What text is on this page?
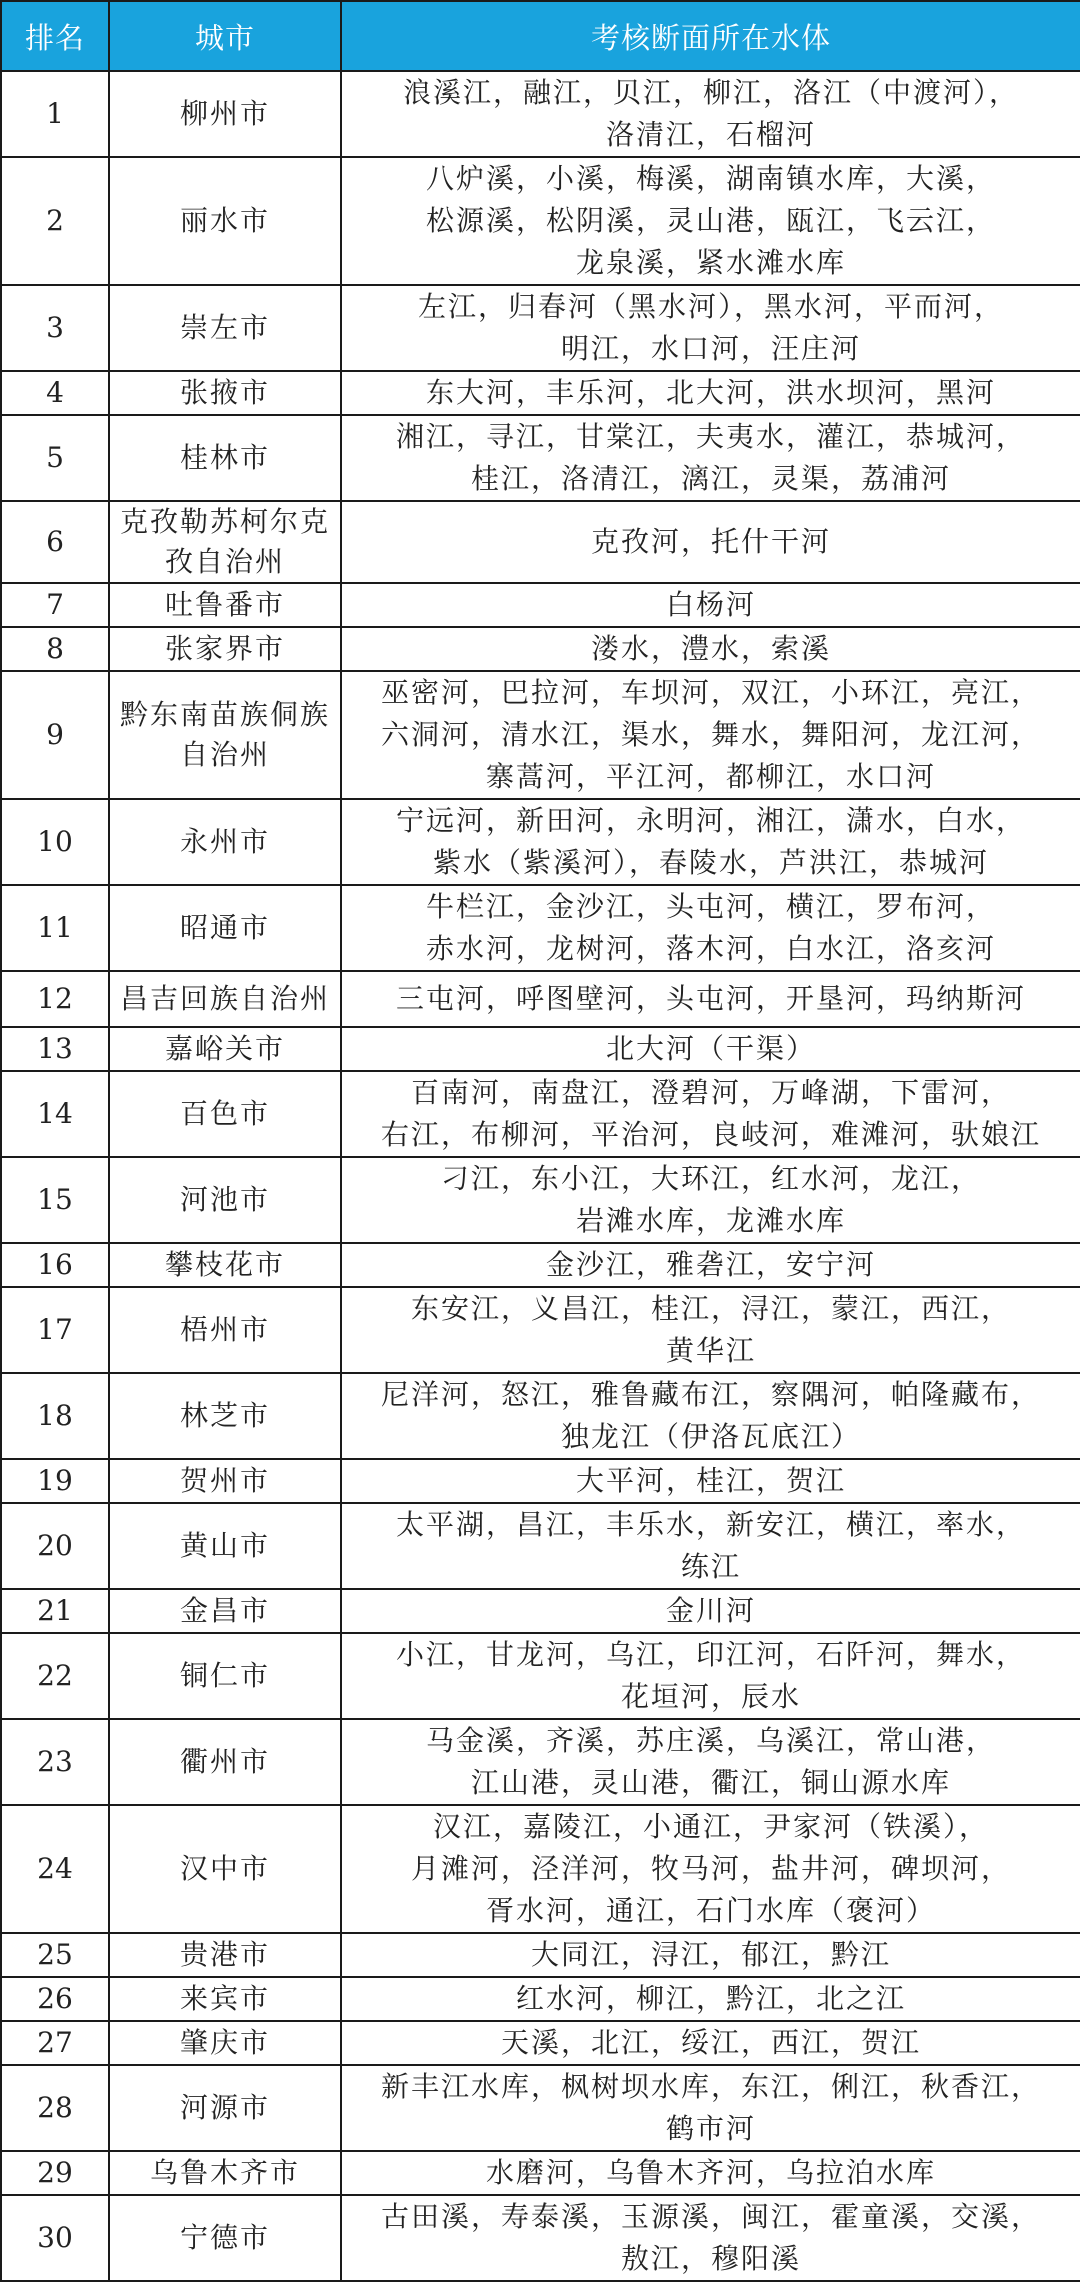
排名	城市	考核断面所在水体
1	柳州市	浪溪江，融江，贝江，柳江，洛江（中渡河），
洛清江，石榴河

2	丽水市	八炉溪，小溪，梅溪，湖南镇水库，大溪，
松源溪，松阴溪，灵山港，瓯江，飞云江，
龙泉溪，紧水滩水库

3	崇左市	左江，归春河（黑水河），黑水河，平而河，
明江，水口河，汪庄河

4	张掖市	东大河，丰乐河，北大河，洪水坝河，黑河

5	桂林市	湘江，寻江，甘棠江，夫夷水，灌江，恭城河，
桂江，洛清江，漓江，灵渠，荔浦河

6	克孜勒苏柯尔克孜自治州	克孜河，托什干河

7	吐鲁番市	白杨河

8	张家界市	溇水，澧水，索溪

9	黔东南苗族侗族自治州	巫密河，巴拉河，车坝河，双江，小环江，亮江，
六洞河，清水江，渠水，舞水，舞阳河，龙江河，
寨蒿河，平江河，都柳江，水口河

10	永州市	宁远河，新田河，永明河，湘江，潇水，白水，
紫水（紫溪河），春陵水，芦洪江，恭城河

11	昭通市	牛栏江，金沙江，头屯河，横江，罗布河，
赤水河，龙树河，落木河，白水江，洛亥河

12	昌吉回族自治州	三屯河，呼图壁河，头屯河，开垦河，玛纳斯河

13	嘉峪关市	北大河（干渠）

14	百色市	百南河，南盘江，澄碧河，万峰湖，下雷河，
右江，布柳河，平治河，良岐河，难滩河，驮娘江

15	河池市	刁江，东小江，大环江，红水河，龙江，
岩滩水库，龙滩水库

16	攀枝花市	金沙江，雅砻江，安宁河

17	梧州市	东安江，义昌江，桂江，浔江，蒙江，西江，
黄华江

18	林芝市	尼洋河，怒江，雅鲁藏布江，察隅河，帕隆藏布，
独龙江（伊洛瓦底江）

19	贺州市	大平河，桂江，贺江

20	黄山市	太平湖，昌江，丰乐水，新安江，横江，率水，
练江

21	金昌市	金川河

22	铜仁市	小江，甘龙河，乌江，印江河，石阡河，舞水，
花垣河，辰水

23	衢州市	马金溪，齐溪，苏庄溪，乌溪江，常山港，
江山港，灵山港，衢江，铜山源水库

24	汉中市	汉江，嘉陵江，小通江，尹家河（铁溪），
月滩河，泾洋河，牧马河，盐井河，碑坝河，
胥水河，通江，石门水库（褒河）

25	贵港市	大同江，浔江，郁江，黔江

26	来宾市	红水河，柳江，黔江，北之江

27	肇庆市	天溪，北江，绥江，西江，贺江

28	河源市	新丰江水库，枫树坝水库，东江，俐江，秋香江，
鹤市河

29	乌鲁木齐市	水磨河，乌鲁木齐河，乌拉泊水库

30	宁德市	古田溪，寿泰溪，玉源溪，闽江，霍童溪，交溪，
敖江，穆阳溪
